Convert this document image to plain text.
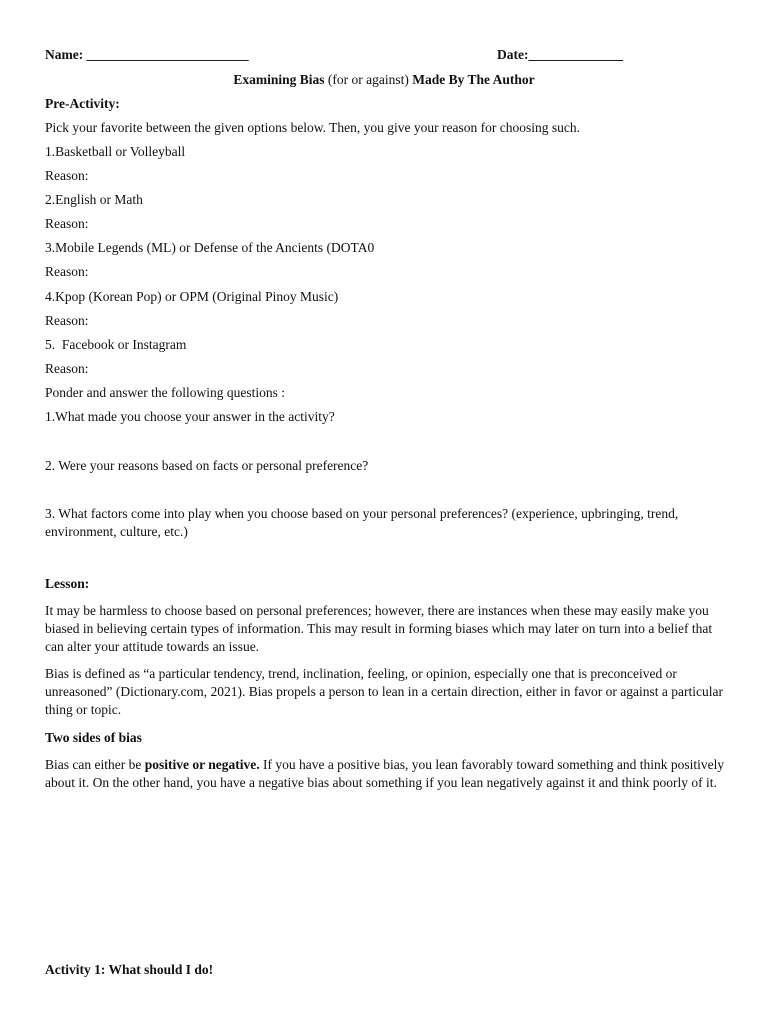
Name: ________________________	Date:______________
Examining Bias (for or against) Made By The Author
Pre-Activity:
Pick your favorite between the given options below. Then, you give your reason for choosing such.
1.Basketball or Volleyball
Reason:
2.English or Math
Reason:
3.Mobile Legends (ML) or Defense of the Ancients (DOTA0
Reason:
4.Kpop (Korean Pop) or OPM (Original Pinoy Music)
Reason:
5.  Facebook or Instagram
Reason:
Ponder and answer the following questions :
1.What made you choose your answer in the activity?
2. Were your reasons based on facts or personal preference?
3. What factors come into play when you choose based on your personal preferences? (experience, upbringing, trend, environment, culture, etc.)
Lesson:
It may be harmless to choose based on personal preferences; however, there are instances when these may easily make you biased in believing certain types of information. This may result in forming biases which may later on turn into a belief that can alter your attitude towards an issue.
Bias is defined as “a particular tendency, trend, inclination, feeling, or opinion, especially one that is preconceived or unreasoned” (Dictionary.com, 2021). Bias propels a person to lean in a certain direction, either in favor or against a particular thing or topic.
Two sides of bias
Bias can either be positive or negative. If you have a positive bias, you lean favorably toward something and think positively about it. On the other hand, you have a negative bias about something if you lean negatively against it and think poorly of it.
Activity 1: What should I do!
